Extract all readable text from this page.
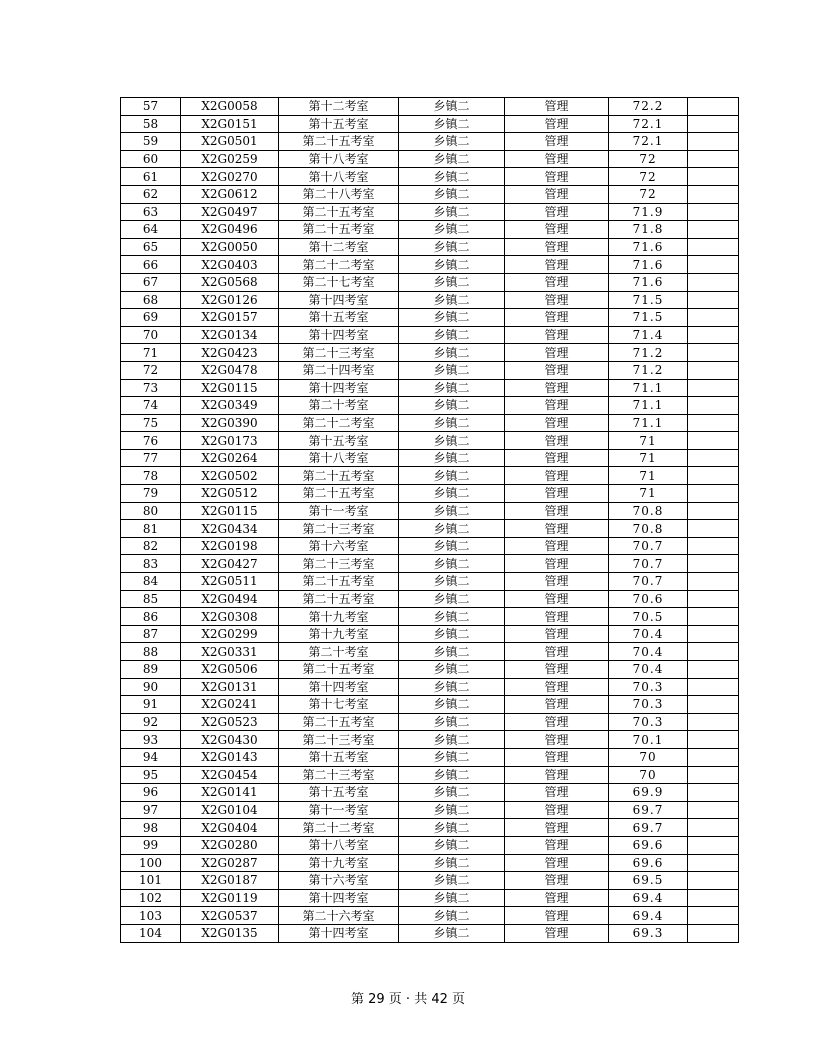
57	X2G0058	第十二考室	乡镇二	管理	72.2	
58	X2G0151	第十五考室	乡镇二	管理	72.1	
59	X2G0501	第二十五考室	乡镇二	管理	72.1	
60	X2G0259	第十八考室	乡镇二	管理	72	
61	X2G0270	第十八考室	乡镇二	管理	72	
62	X2G0612	第二十八考室	乡镇二	管理	72	
63	X2G0497	第二十五考室	乡镇二	管理	71.9	
64	X2G0496	第二十五考室	乡镇二	管理	71.8	
65	X2G0050	第十二考室	乡镇二	管理	71.6	
66	X2G0403	第二十二考室	乡镇二	管理	71.6	
67	X2G0568	第二十七考室	乡镇二	管理	71.6	
68	X2G0126	第十四考室	乡镇二	管理	71.5	
69	X2G0157	第十五考室	乡镇二	管理	71.5	
70	X2G0134	第十四考室	乡镇二	管理	71.4	
71	X2G0423	第二十三考室	乡镇二	管理	71.2	
72	X2G0478	第二十四考室	乡镇二	管理	71.2	
73	X2G0115	第十四考室	乡镇二	管理	71.1	
74	X2G0349	第二十考室	乡镇二	管理	71.1	
75	X2G0390	第二十二考室	乡镇二	管理	71.1	
76	X2G0173	第十五考室	乡镇二	管理	71	
77	X2G0264	第十八考室	乡镇二	管理	71	
78	X2G0502	第二十五考室	乡镇二	管理	71	
79	X2G0512	第二十五考室	乡镇二	管理	71	
80	X2G0115	第十一考室	乡镇二	管理	70.8	
81	X2G0434	第二十三考室	乡镇二	管理	70.8	
82	X2G0198	第十六考室	乡镇二	管理	70.7	
83	X2G0427	第二十三考室	乡镇二	管理	70.7	
84	X2G0511	第二十五考室	乡镇二	管理	70.7	
85	X2G0494	第二十五考室	乡镇二	管理	70.6	
86	X2G0308	第十九考室	乡镇二	管理	70.5	
87	X2G0299	第十九考室	乡镇二	管理	70.4	
88	X2G0331	第二十考室	乡镇二	管理	70.4	
89	X2G0506	第二十五考室	乡镇二	管理	70.4	
90	X2G0131	第十四考室	乡镇二	管理	70.3	
91	X2G0241	第十七考室	乡镇二	管理	70.3	
92	X2G0523	第二十五考室	乡镇二	管理	70.3	
93	X2G0430	第二十三考室	乡镇二	管理	70.1	
94	X2G0143	第十五考室	乡镇二	管理	70	
95	X2G0454	第二十三考室	乡镇二	管理	70	
96	X2G0141	第十五考室	乡镇二	管理	69.9	
97	X2G0104	第十一考室	乡镇二	管理	69.7	
98	X2G0404	第二十二考室	乡镇二	管理	69.7	
99	X2G0280	第十八考室	乡镇二	管理	69.6	
100	X2G0287	第十九考室	乡镇二	管理	69.6	
101	X2G0187	第十六考室	乡镇二	管理	69.5	
102	X2G0119	第十四考室	乡镇二	管理	69.4	
103	X2G0537	第二十六考室	乡镇二	管理	69.4	
104	X2G0135	第十四考室	乡镇二	管理	69.3	
第 29 页 · 共 42 页
